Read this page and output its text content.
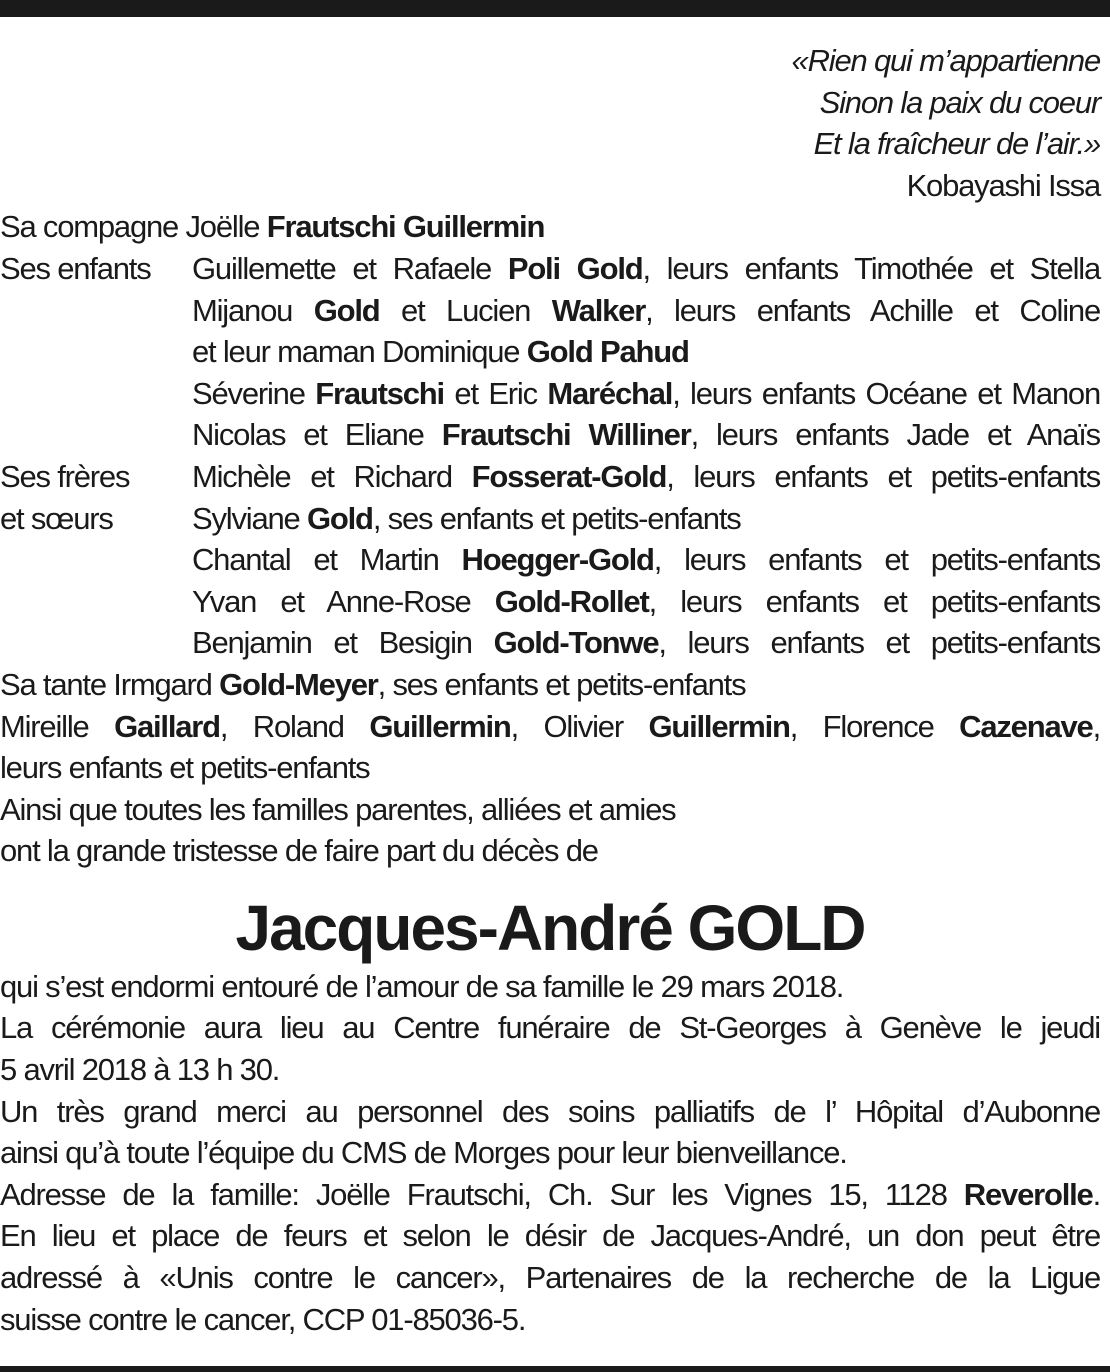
«Rien qui m’appartienne
Sinon la paix du coeur
Et la fraîcheur de l’air.»
Kobayashi Issa
Sa compagne Joëlle Frautschi Guillermin
Ses enfants	Guillemette et Rafaele Poli Gold, leurs enfants Timothée et Stella
Mijanou Gold et Lucien Walker, leurs enfants Achille et Coline
et leur maman Dominique Gold Pahud
Séverine Frautschi et Eric Maréchal, leurs enfants Océane et Manon
Nicolas et Eliane Frautschi Williner, leurs enfants Jade et Anaïs
Ses frères
et sœurs
Michèle et Richard Fosserat-Gold, leurs enfants et petits-enfants
Sylviane Gold, ses enfants et petits-enfants
Chantal et Martin Hoegger-Gold, leurs enfants et petits-enfants
Yvan et Anne-Rose Gold-Rollet, leurs enfants et petits-enfants
Benjamin et Besigin Gold-Tonwe, leurs enfants et petits-enfants
Sa tante Irmgard Gold-Meyer, ses enfants et petits-enfants
Mireille Gaillard, Roland Guillermin, Olivier Guillermin, Florence Cazenave,
leurs enfants et petits-enfants
Ainsi que toutes les familles parentes, alliées et amies
ont la grande tristesse de faire part du décès de
Jacques-André GOLD
qui s’est endormi entouré de l’amour de sa famille le 29 mars 2018.
La cérémonie aura lieu au Centre funéraire de St-Georges à Genève le jeudi
5 avril 2018 à 13 h 30.
Un très grand merci au personnel des soins palliatifs de l’ Hôpital d’Aubonne
ainsi qu’à toute l’équipe du CMS de Morges pour leur bienveillance.
Adresse de la famille: Joëlle Frautschi, Ch. Sur les Vignes 15, 1128 Reverolle.
En lieu et place de feurs et selon le désir de Jacques-André, un don peut être
adressé à «Unis contre le cancer», Partenaires de la recherche de la Ligue
suisse contre le cancer, CCP 01-85036-5.
